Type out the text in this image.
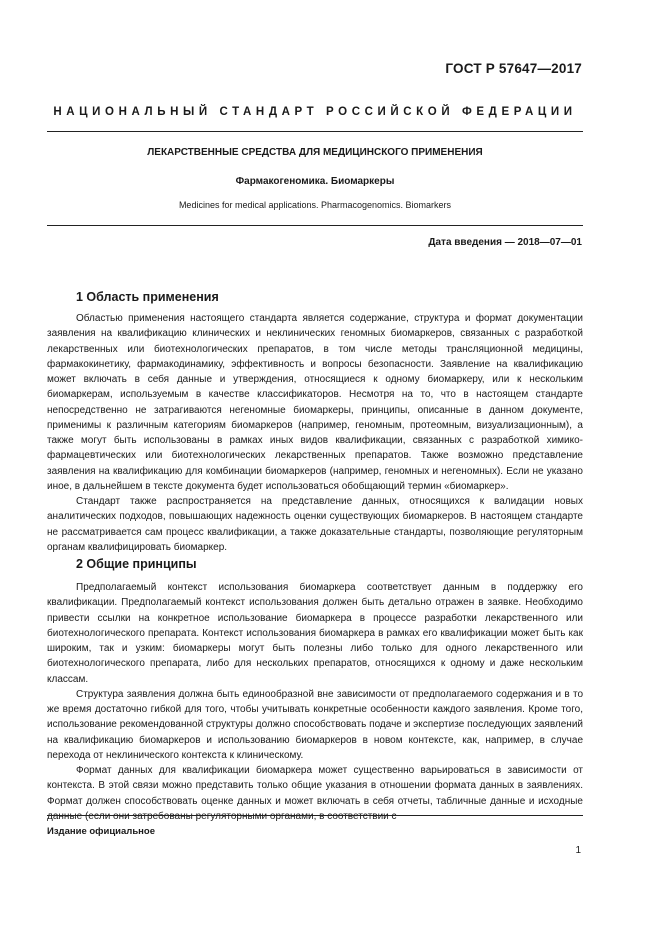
ГОСТ Р 57647—2017
НАЦИОНАЛЬНЫЙ СТАНДАРТ РОССИЙСКОЙ ФЕДЕРАЦИИ
ЛЕКАРСТВЕННЫЕ СРЕДСТВА ДЛЯ МЕДИЦИНСКОГО ПРИМЕНЕНИЯ
Фармакогеномика. Биомаркеры
Medicines for medical applications. Pharmacogenomics. Biomarkers
Дата введения — 2018—07—01
1 Область применения

Областью применения настоящего стандарта является содержание, структура и формат документации заявления на квалификацию клинических и неклинических геномных биомаркеров, связанных с разработкой лекарственных или биотехнологических препаратов, в том числе методы трансляционной медицины, фармакокинетику, фармакодинамику, эффективность и вопросы безопасности. Заявление на квалификацию может включать в себя данные и утверждения, относящиеся к одному биомаркеру, или к нескольким биомаркерам, используемым в качестве классификаторов. Несмотря на то, что в настоящем стандарте непосредственно не затрагиваются негеномные биомаркеры, принципы, описанные в данном документе, применимы к различным категориям биомаркеров (например, геномным, протеомным, визуализационным), а также могут быть использованы в рамках иных видов квалификации, связанных с разработкой химико-фармацевтических или биотехнологических лекарственных препаратов. Также возможно представление заявления на квалификацию для комбинации биомаркеров (например, геномных и негеномных). Если не указано иное, в дальнейшем в тексте документа будет использоваться обобщающий термин «биомаркер».

Стандарт также распространяется на представление данных, относящихся к валидации новых аналитических подходов, повышающих надежность оценки существующих биомаркеров. В настоящем стандарте не рассматривается сам процесс квалификации, а также доказательные стандарты, позволяющие регуляторным органам квалифицировать биомаркер.

2 Общие принципы

Предполагаемый контекст использования биомаркера соответствует данным в поддержку его квалификации. Предполагаемый контекст использования должен быть детально отражен в заявке. Необходимо привести ссылки на конкретное использование биомаркера в процессе разработки лекарственного или биотехнологического препарата. Контекст использования биомаркера в рамках его квалификации может быть как широким, так и узким: биомаркеры могут быть полезны либо только для одного лекарственного или биотехнологического препарата, либо для нескольких препаратов, относящихся к одному и даже нескольким классам.

Структура заявления должна быть единообразной вне зависимости от предполагаемого содержания и в то же время достаточно гибкой для того, чтобы учитывать конкретные особенности каждого заявления. Кроме того, использование рекомендованной структуры должно способствовать подаче и экспертизе последующих заявлений на квалификацию биомаркеров и использованию биомаркеров в новом контексте, как, например, в случае перехода от неклинического контекста к клиническому.

Формат данных для квалификации биомаркера может существенно варьироваться в зависимости от контекста. В этой связи можно представить только общие указания в отношении формата данных в заявлениях. Формат должен способствовать оценке данных и может включать в себя отчеты, табличные данные и исходные данные (если они затребованы регуляторными органами, в соответствии с

Издание официальное
1
